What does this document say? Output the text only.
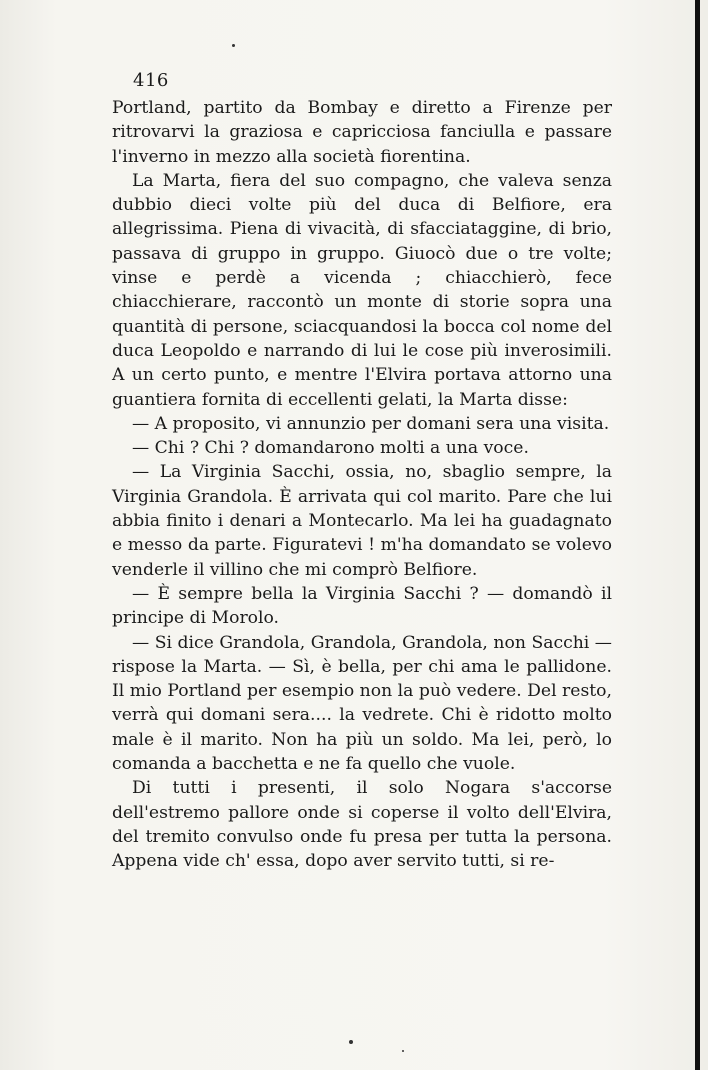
416

Portland, partito da Bombay e diretto a Firenze per ritrovarvi la graziosa e capricciosa fanciulla e passare l'inverno in mezzo alla società fiorentina.

La Marta, fiera del suo compagno, che valeva senza dubbio dieci volte più del duca di Belfiore, era allegrissima. Piena di vivacità, di sfacciataggine, di brio, passava di gruppo in gruppo. Giuocò due o tre volte; vinse e perdè a vicenda ; chiacchierò, fece chiacchierare, raccontò un monte di storie sopra una quantità di persone, sciacquandosi la bocca col nome del duca Leopoldo e narrando di lui le cose più inverosimili. A un certo punto, e mentre l'Elvira portava attorno una guantiera fornita di eccellenti gelati, la Marta disse:

— A proposito, vi annunzio per domani sera una visita.

— Chi ? Chi ? domandarono molti a una voce.

— La Virginia Sacchi, ossia, no, sbaglio sempre, la Virginia Grandola. È arrivata qui col marito. Pare che lui abbia finito i denari a Montecarlo. Ma lei ha guadagnato e messo da parte. Figuratevi ! m'ha domandato se volevo venderle il villino che mi comprò Belfiore.

— È sempre bella la Virginia Sacchi ? — domandò il principe di Morolo.

— Si dice Grandola, Grandola, Grandola, non Sacchi — rispose la Marta. — Sì, è bella, per chi ama le pallidone. Il mio Portland per esempio non la può vedere. Del resto, verrà qui domani sera.... la vedrete. Chi è ridotto molto male è il marito. Non ha più un soldo. Ma lei, però, lo comanda a bacchetta e ne fa quello che vuole.

Di tutti i presenti, il solo Nogara s'accorse dell'estremo pallore onde si coperse il volto dell'Elvira, del tremito convulso onde fu presa per tutta la persona. Appena vide ch' essa, dopo aver servito tutti, si re-
